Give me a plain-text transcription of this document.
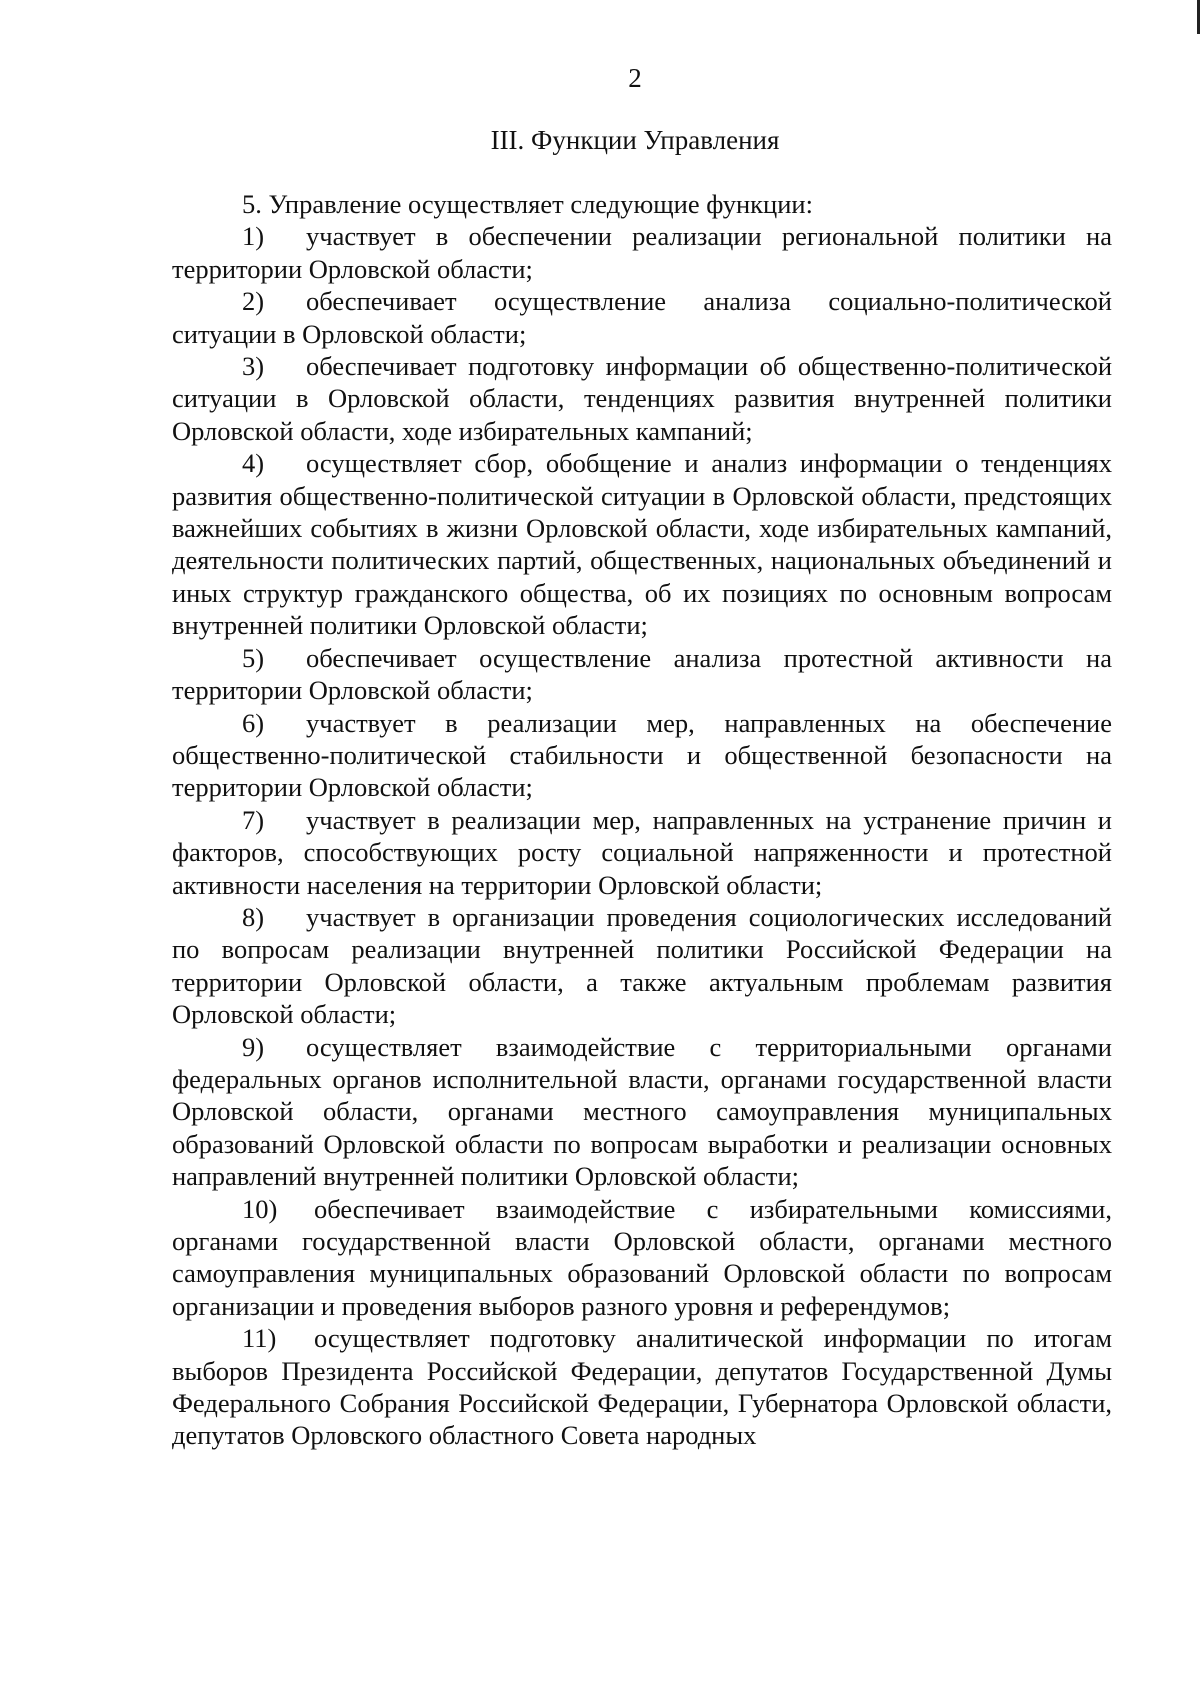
2
III. Функции Управления

5. Управление осуществляет следующие функции:

1) участвует в обеспечении реализации региональной политики на территории Орловской области;

2) обеспечивает осуществление анализа социально-политической ситуации в Орловской области;

3) обеспечивает подготовку информации об общественно-политической ситуации в Орловской области, тенденциях развития внутренней политики Орловской области, ходе избирательных кампаний;

4) осуществляет сбор, обобщение и анализ информации о тенденциях развития общественно-политической ситуации в Орловской области, предстоящих важнейших событиях в жизни Орловской области, ходе избирательных кампаний, деятельности политических партий, общественных, национальных объединений и иных структур гражданского общества, об их позициях по основным вопросам внутренней политики Орловской области;

5) обеспечивает осуществление анализа протестной активности на территории Орловской области;

6) участвует в реализации мер, направленных на обеспечение общественно-политической стабильности и общественной безопасности на территории Орловской области;

7) участвует в реализации мер, направленных на устранение причин и факторов, способствующих росту социальной напряженности и протестной активности населения на территории Орловской области;

8) участвует в организации проведения социологических исследований по вопросам реализации внутренней политики Российской Федерации на территории Орловской области, а также актуальным проблемам развития Орловской области;

9) осуществляет взаимодействие с территориальными органами федеральных органов исполнительной власти, органами государственной власти Орловской области, органами местного самоуправления муниципальных образований Орловской области по вопросам выработки и реализации основных направлений внутренней политики Орловской области;

10) обеспечивает взаимодействие с избирательными комиссиями, органами государственной власти Орловской области, органами местного самоуправления муниципальных образований Орловской области по вопросам организации и проведения выборов разного уровня и референдумов;

11) осуществляет подготовку аналитической информации по итогам выборов Президента Российской Федерации, депутатов Государственной Думы Федерального Собрания Российской Федерации, Губернатора Орловской области, депутатов Орловского областного Совета народных
